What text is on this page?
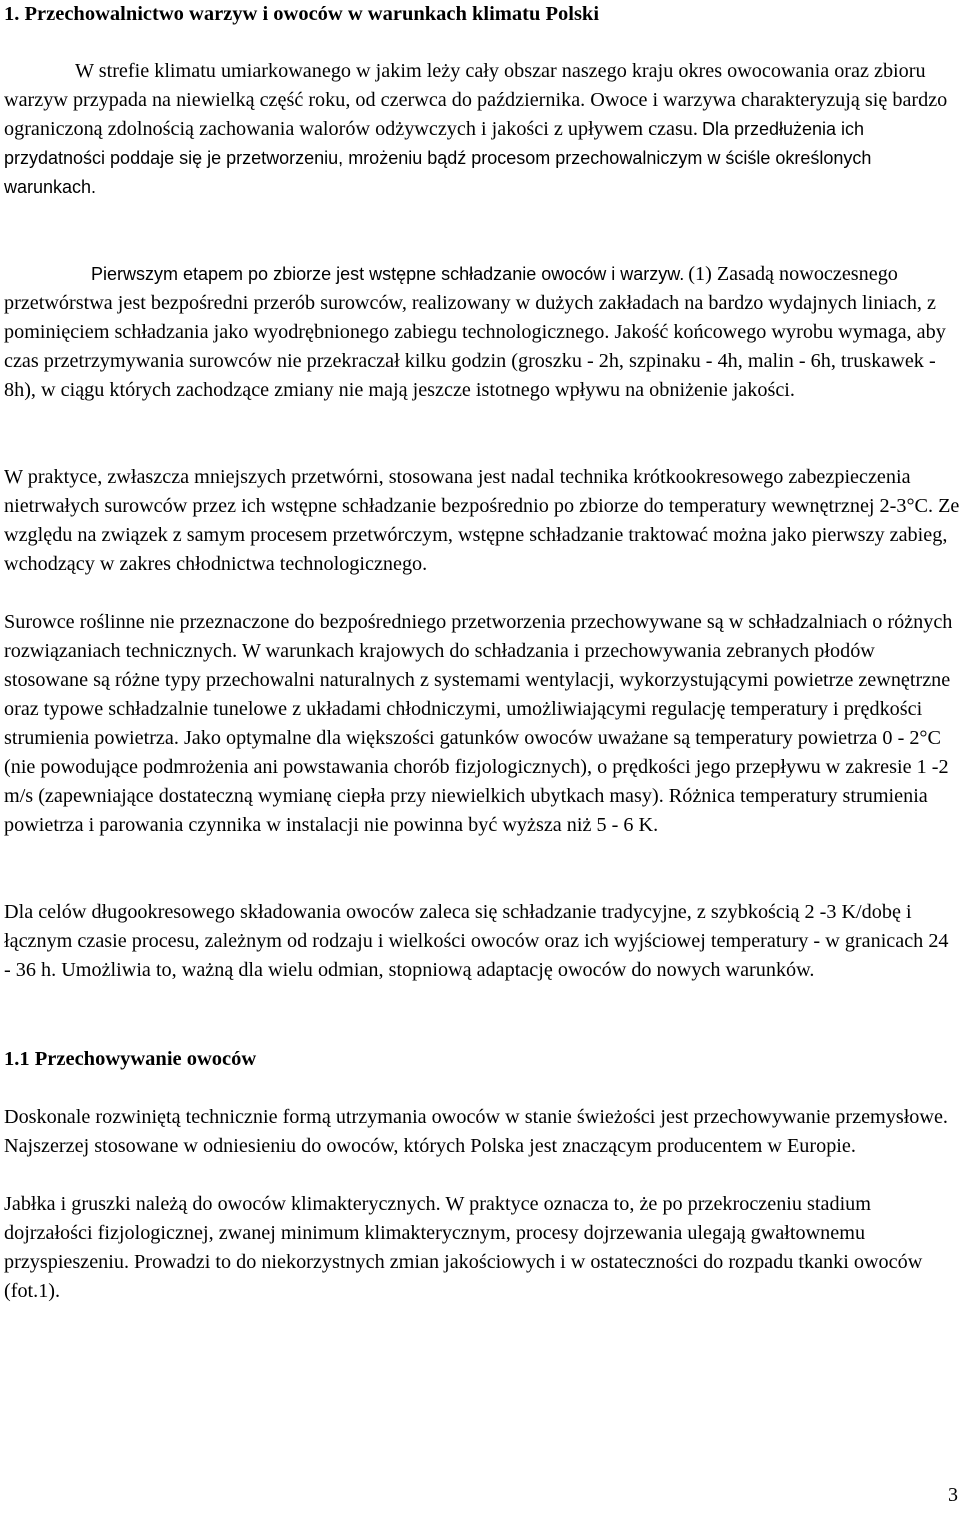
1. Przechowalnictwo warzyw i owoców w warunkach klimatu Polski

W strefie klimatu umiarkowanego w jakim leży cały obszar naszego kraju okres owocowania oraz zbioru warzyw przypada na niewielką część roku, od czerwca do października. Owoce i warzywa charakteryzują się bardzo ograniczoną zdolnością zachowania walorów odżywczych i jakości z upływem czasu. Dla przedłużenia ich przydatności poddaje się je przetworzeniu, mrożeniu bądź procesom przechowalniczym w ściśle określonych warunkach.

Pierwszym etapem po zbiorze jest wstępne schładzanie owoców i warzyw. (1) Zasadą nowoczesnego przetwórstwa jest bezpośredni przerób surowców, realizowany w dużych zakładach na bardzo wydajnych liniach, z pominięciem schładzania jako wyodrębnionego zabiegu technologicznego. Jakość końcowego wyrobu wymaga, aby czas przetrzymywania surowców nie przekraczał kilku godzin (groszku - 2h, szpinaku - 4h, malin - 6h, truskawek - 8h), w ciągu których zachodzące zmiany nie mają jeszcze istotnego wpływu na obniżenie jakości.

W praktyce, zwłaszcza mniejszych przetwórni, stosowana jest nadal technika krótkookresowego zabezpieczenia nietrwałych surowców przez ich wstępne schładzanie bezpośrednio po zbiorze do temperatury wewnętrznej 2-3°C. Ze względu na związek z samym procesem przetwórczym, wstępne schładzanie traktować można jako pierwszy zabieg, wchodzący w zakres chłodnictwa technologicznego.

Surowce roślinne nie przeznaczone do bezpośredniego przetworzenia przechowywane są w schładzalniach o różnych rozwiązaniach technicznych. W warunkach krajowych do schładzania i przechowywania zebranych płodów stosowane są różne typy przechowalni naturalnych z systemami wentylacji, wykorzystującymi powietrze zewnętrzne oraz typowe schładzalnie tunelowe z układami chłodniczymi, umożliwiającymi regulację temperatury i prędkości strumienia powietrza. Jako optymalne dla większości gatunków owoców uważane są temperatury powietrza 0 - 2°C (nie powodujące podmrożenia ani powstawania chorób fizjologicznych), o prędkości jego przepływu w zakresie 1 -2 m/s (zapewniające dostateczną wymianę ciepła przy niewielkich ubytkach masy). Różnica temperatury strumienia powietrza i parowania czynnika w instalacji nie powinna być wyższa niż 5 - 6 K.

Dla celów długookresowego składowania owoców zaleca się schładzanie tradycyjne, z szybkością 2 -3 K/dobę i łącznym czasie procesu, zależnym od rodzaju i wielkości owoców oraz ich wyjściowej temperatury - w granicach 24 - 36 h. Umożliwia to, ważną dla wielu odmian, stopniową adaptację owoców do nowych warunków.

1.1 Przechowywanie owoców

Doskonale rozwiniętą technicznie formą utrzymania owoców w stanie świeżości jest przechowywanie przemysłowe. Najszerzej stosowane w odniesieniu do owoców, których Polska jest znaczącym producentem w Europie.

Jabłka i gruszki należą do owoców klimakterycznych. W praktyce oznacza to, że po przekroczeniu stadium dojrzałości fizjologicznej, zwanej minimum klimakterycznym, procesy dojrzewania ulegają gwałtownemu przyspieszeniu. Prowadzi to do niekorzystnych zmian jakościowych i w ostateczności do rozpadu tkanki owoców (fot.1).

3
